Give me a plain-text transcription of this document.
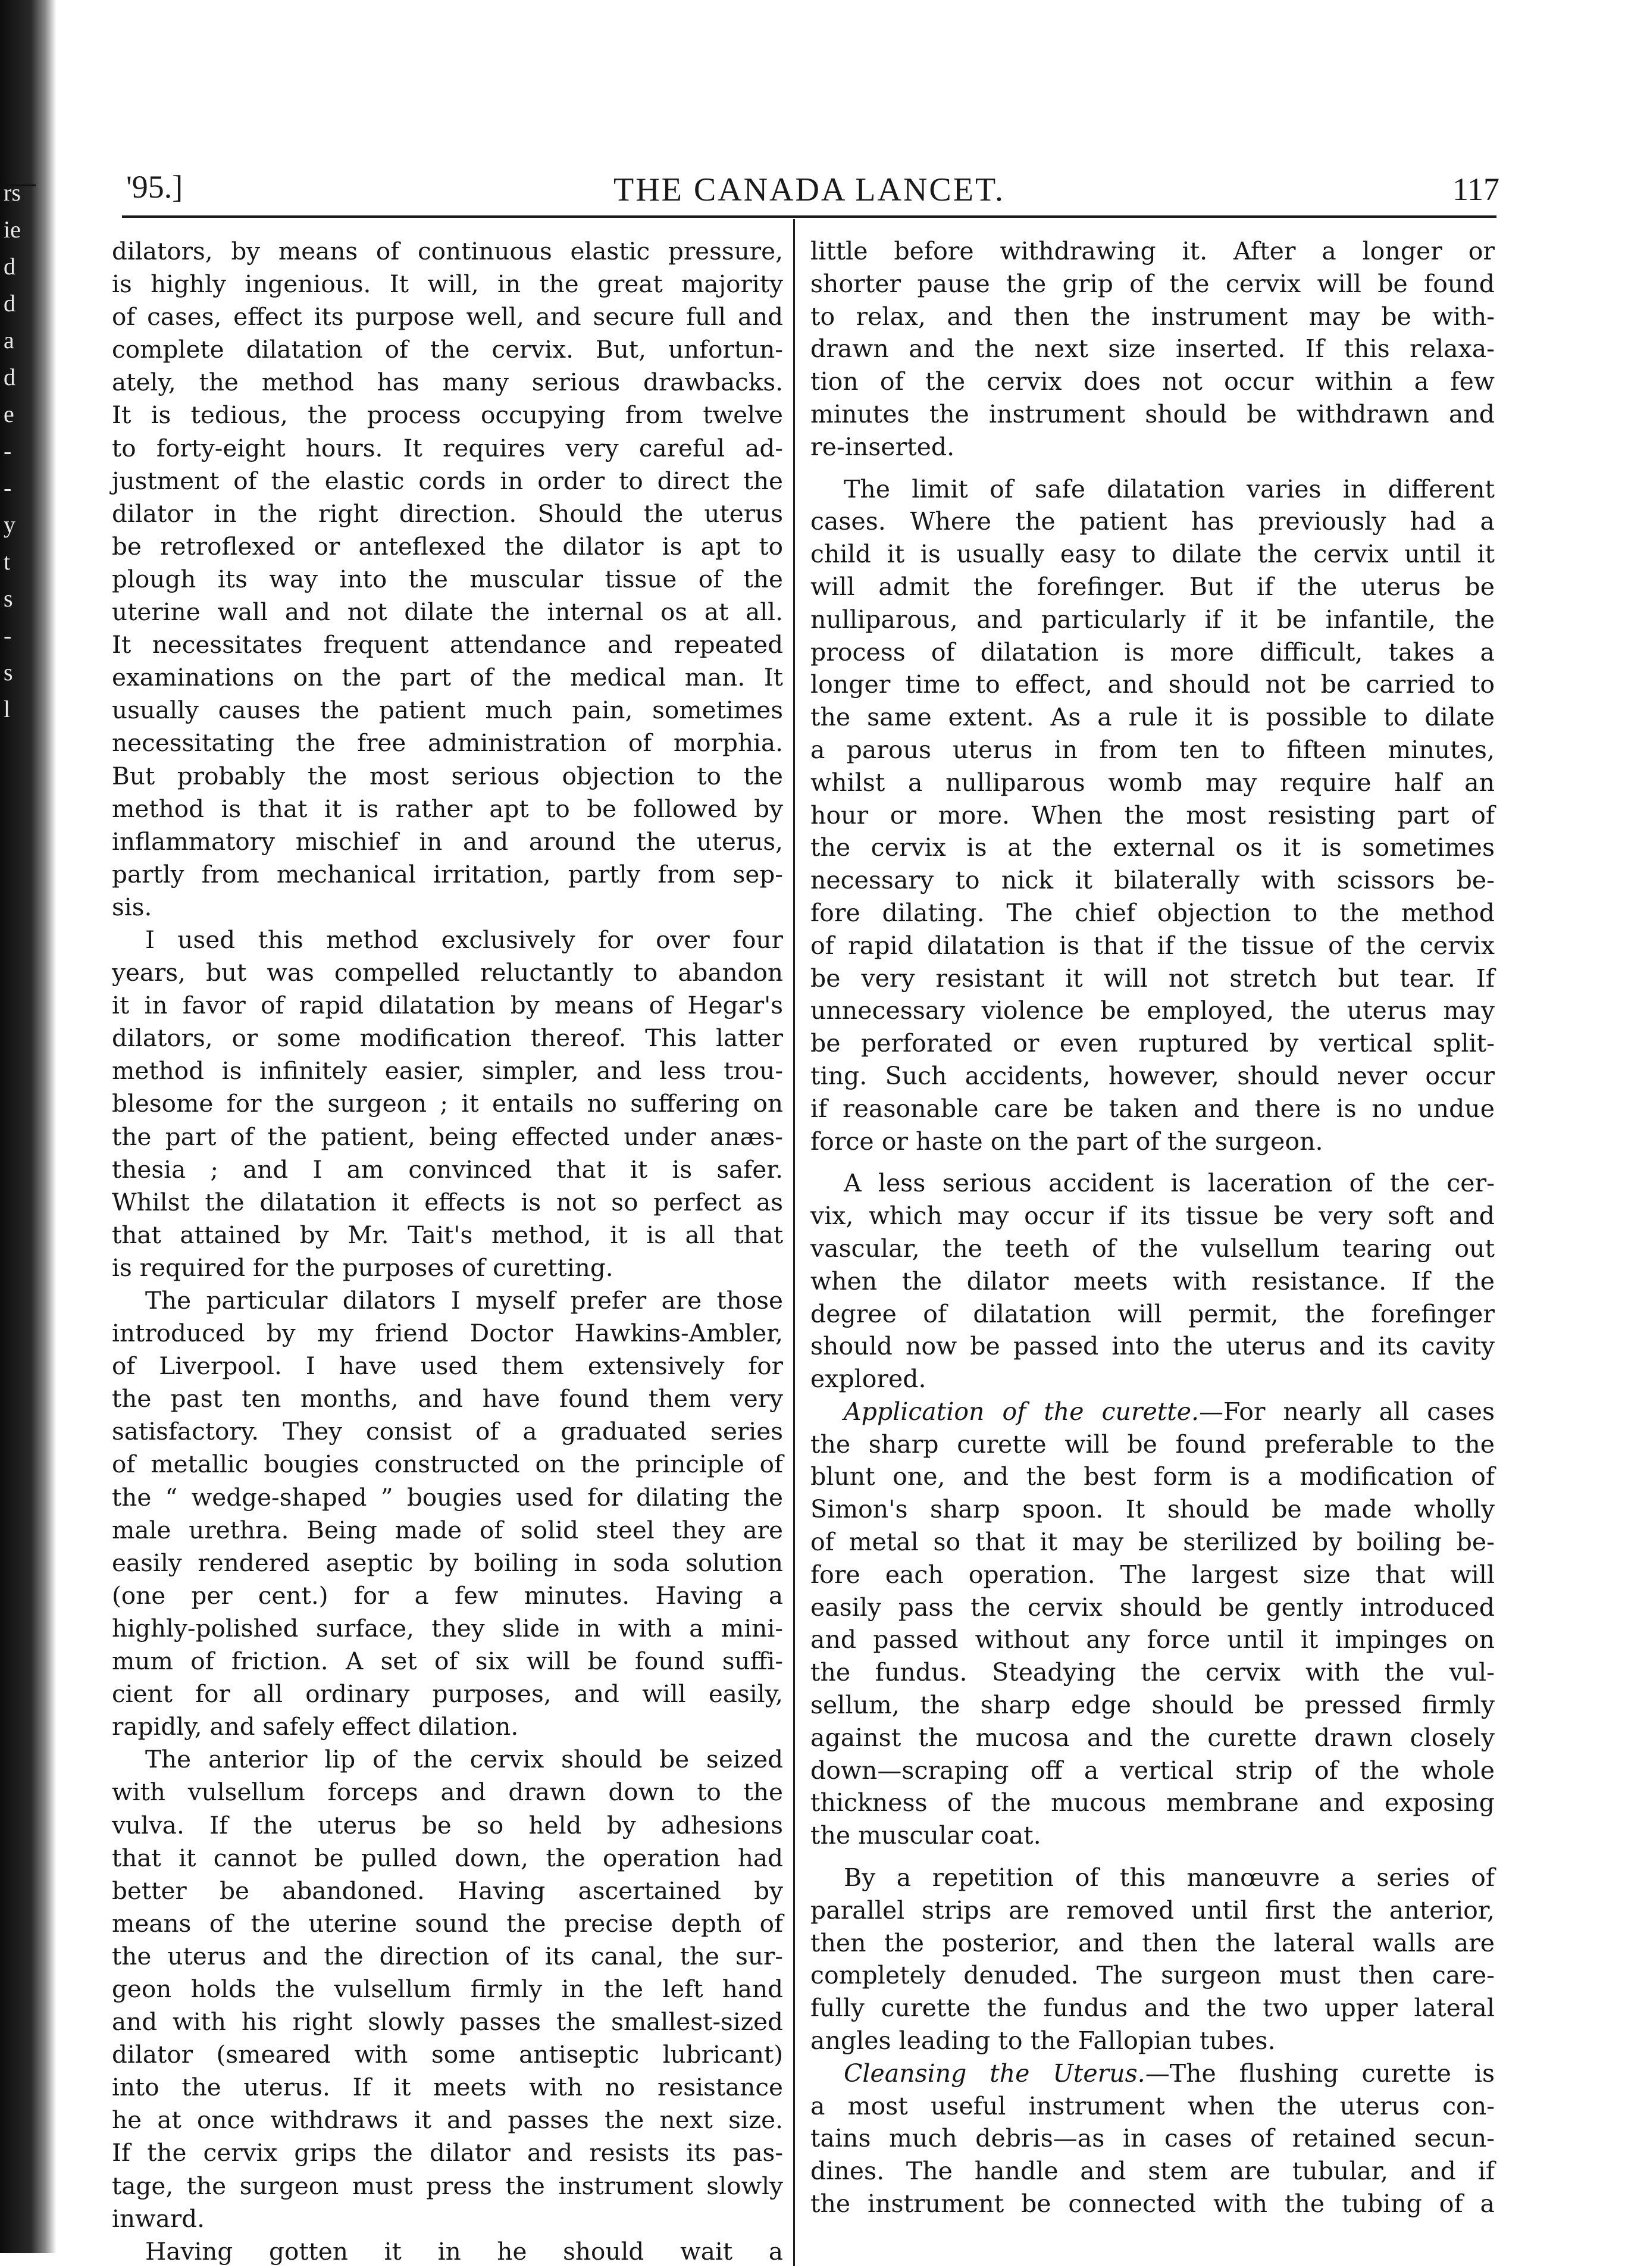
rs
ie
d
d
a
d
e
-
-
y
t
s
-
s
l
'95.]	THE CANADA LANCET.	117
dilators, by means of continuous elastic pressure,
is highly ingenious. It will, in the great majority
of cases, effect its purpose well, and secure full and
complete dilatation of the cervix. But, unfortun-
ately, the method has many serious drawbacks.
It is tedious, the process occupying from twelve
to forty-eight hours. It requires very careful ad-
justment of the elastic cords in order to direct the
dilator in the right direction. Should the uterus
be retroflexed or anteflexed the dilator is apt to
plough its way into the muscular tissue of the
uterine wall and not dilate the internal os at all.
It necessitates frequent attendance and repeated
examinations on the part of the medical man. It
usually causes the patient much pain, sometimes
necessitating the free administration of morphia.
But probably the most serious objection to the
method is that it is rather apt to be followed by
inflammatory mischief in and around the uterus,
partly from mechanical irritation, partly from sep-
sis.
I used this method exclusively for over four
years, but was compelled reluctantly to abandon
it in favor of rapid dilatation by means of Hegar's
dilators, or some modification thereof. This latter
method is infinitely easier, simpler, and less trou-
blesome for the surgeon ; it entails no suffering on
the part of the patient, being effected under anæs-
thesia ; and I am convinced that it is safer.
Whilst the dilatation it effects is not so perfect as
that attained by Mr. Tait's method, it is all that
is required for the purposes of curetting.
The particular dilators I myself prefer are those
introduced by my friend Doctor Hawkins-Ambler,
of Liverpool. I have used them extensively for
the past ten months, and have found them very
satisfactory. They consist of a graduated series
of metallic bougies constructed on the principle of
the “ wedge-shaped ” bougies used for dilating the
male urethra. Being made of solid steel they are
easily rendered aseptic by boiling in soda solution
(one per cent.) for a few minutes. Having a
highly-polished surface, they slide in with a mini-
mum of friction. A set of six will be found suffi-
cient for all ordinary purposes, and will easily,
rapidly, and safely effect dilation.
The anterior lip of the cervix should be seized
with vulsellum forceps and drawn down to the
vulva. If the uterus be so held by adhesions
that it cannot be pulled down, the operation had
better be abandoned. Having ascertained by
means of the uterine sound the precise depth of
the uterus and the direction of its canal, the sur-
geon holds the vulsellum firmly in the left hand
and with his right slowly passes the smallest-sized
dilator (smeared with some antiseptic lubricant)
into the uterus. If it meets with no resistance
he at once withdraws it and passes the next size.
If the cervix grips the dilator and resists its pas-
tage, the surgeon must press the instrument slowly
inward.
Having gotten it in he should wait a
little before withdrawing it. After a longer or
shorter pause the grip of the cervix will be found
to relax, and then the instrument may be with-
drawn and the next size inserted. If this relaxa-
tion of the cervix does not occur within a few
minutes the instrument should be withdrawn and
re-inserted.
The limit of safe dilatation varies in different
cases. Where the patient has previously had a
child it is usually easy to dilate the cervix until it
will admit the forefinger. But if the uterus be
nulliparous, and particularly if it be infantile, the
process of dilatation is more difficult, takes a
longer time to effect, and should not be carried to
the same extent. As a rule it is possible to dilate
a parous uterus in from ten to fifteen minutes,
whilst a nulliparous womb may require half an
hour or more. When the most resisting part of
the cervix is at the external os it is sometimes
necessary to nick it bilaterally with scissors be-
fore dilating. The chief objection to the method
of rapid dilatation is that if the tissue of the cervix
be very resistant it will not stretch but tear. If
unnecessary violence be employed, the uterus may
be perforated or even ruptured by vertical split-
ting. Such accidents, however, should never occur
if reasonable care be taken and there is no undue
force or haste on the part of the surgeon.
A less serious accident is laceration of the cer-
vix, which may occur if its tissue be very soft and
vascular, the teeth of the vulsellum tearing out
when the dilator meets with resistance. If the
degree of dilatation will permit, the forefinger
should now be passed into the uterus and its cavity
explored.
Application of the curette.—For nearly all cases
the sharp curette will be found preferable to the
blunt one, and the best form is a modification of
Simon's sharp spoon. It should be made wholly
of metal so that it may be sterilized by boiling be-
fore each operation. The largest size that will
easily pass the cervix should be gently introduced
and passed without any force until it impinges on
the fundus. Steadying the cervix with the vul-
sellum, the sharp edge should be pressed firmly
against the mucosa and the curette drawn closely
down—scraping off a vertical strip of the whole
thickness of the mucous membrane and exposing
the muscular coat.
By a repetition of this manœuvre a series of
parallel strips are removed until first the anterior,
then the posterior, and then the lateral walls are
completely denuded. The surgeon must then care-
fully curette the fundus and the two upper lateral
angles leading to the Fallopian tubes.
Cleansing the Uterus.—The flushing curette is
a most useful instrument when the uterus con-
tains much debris—as in cases of retained secun-
dines. The handle and stem are tubular, and if
the instrument be connected with the tubing of a
